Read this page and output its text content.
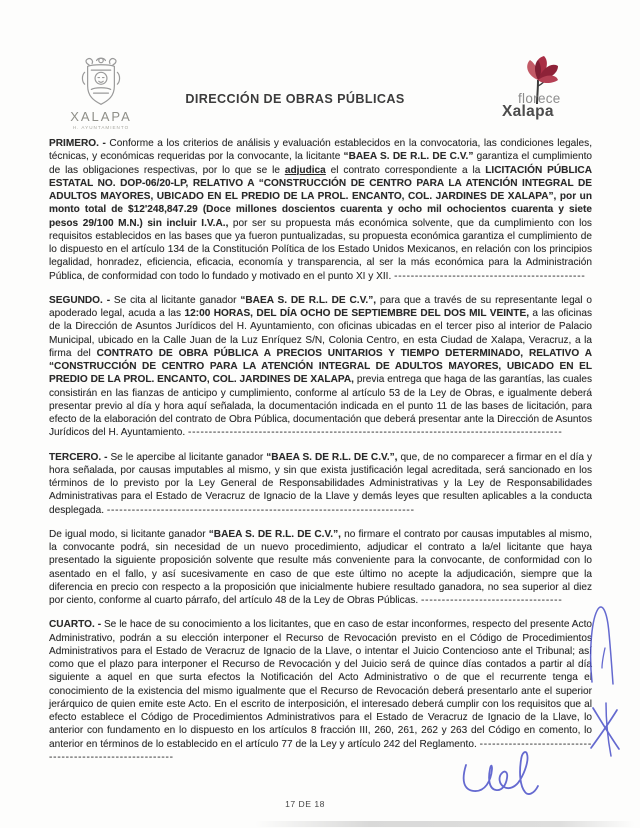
XALAPA
H. AYUNTAMIENTO
DIRECCIÓN DE OBRAS PÚBLICAS	florece
Xalapa

PRIMERO. - Conforme a los criterios de análisis y evaluación establecidos en la convocatoria, las condiciones legales, técnicas, y económicas requeridas por la convocante, la licitante “BAEA S. DE R.L. DE C.V.” garantiza el cumplimiento de las obligaciones respectivas, por lo que se le adjudica el contrato correspondiente a la LICITACIÓN PÚBLICA ESTATAL NO. DOP-06/20-LP, RELATIVO A “CONSTRUCCIÓN DE CENTRO PARA LA ATENCIÓN INTEGRAL DE ADULTOS MAYORES, UBICADO EN EL PREDIO DE LA PROL. ENCANTO, COL. JARDINES DE XALAPA”, por un monto total de $12'248,847.29 (Doce millones doscientos cuarenta y ocho mil ochocientos cuarenta y siete pesos 29/100 M.N.) sin incluir I.V.A., por ser su propuesta más económica solvente, que da cumplimiento con los requisitos establecidos en las bases que ya fueron puntualizadas, su propuesta económica garantiza el cumplimiento de lo dispuesto en el artículo 134 de la Constitución Política de los Estado Unidos Mexicanos, en relación con los principios legalidad, honradez, eficiencia, eficacia, economía y transparencia, al ser la más económica para la Administración Pública, de conformidad con todo lo fundado y motivado en el punto XI y XII. ----------------------------------------------

SEGUNDO. - Se cita al licitante ganador “BAEA S. DE R.L. DE C.V.”, para que a través de su representante legal o apoderado legal, acuda a las 12:00 HORAS, DEL DÍA OCHO DE SEPTIEMBRE DEL DOS MIL VEINTE, a las oficinas de la Dirección de Asuntos Jurídicos del H. Ayuntamiento, con oficinas ubicadas en el tercer piso al interior de Palacio Municipal, ubicado en la Calle Juan de la Luz Enríquez S/N, Colonia Centro, en esta Ciudad de Xalapa, Veracruz, a la firma del CONTRATO DE OBRA PÚBLICA A PRECIOS UNITARIOS Y TIEMPO DETERMINADO, RELATIVO A “CONSTRUCCIÓN DE CENTRO PARA LA ATENCIÓN INTEGRAL DE ADULTOS MAYORES, UBICADO EN EL PREDIO DE LA PROL. ENCANTO, COL. JARDINES DE XALAPA, previa entrega que haga de las garantías, las cuales consistirán en las fianzas de anticipo y cumplimiento, conforme al artículo 53 de la Ley de Obras, e igualmente deberá presentar previo al día y hora aquí señalada, la documentación indicada en el punto 11 de las bases de licitación, para efecto de la elaboración del contrato de Obra Pública, documentación que deberá presentar ante la Dirección de Asuntos Jurídicos del H. Ayuntamiento. ------------------------------------------------------------------------------------------

TERCERO. - Se le apercibe al licitante ganador “BAEA S. DE R.L. DE C.V.”, que, de no comparecer a firmar en el día y hora señalada, por causas imputables al mismo, y sin que exista justificación legal acreditada, será sancionado en los términos de lo previsto por la Ley General de Responsabilidades Administrativas y la Ley de Responsabilidades Administrativas para el Estado de Veracruz de Ignacio de la Llave y demás leyes que resulten aplicables a la conducta desplegada. --------------------------------------------------------------------------

De igual modo, si licitante ganador “BAEA S. DE R.L. DE C.V.”, no firmare el contrato por causas imputables al mismo, la convocante podrá, sin necesidad de un nuevo procedimiento, adjudicar el contrato a la/el licitante que haya presentado la siguiente proposición solvente que resulte más conveniente para la convocante, de conformidad con lo asentado en el fallo, y así sucesivamente en caso de que este último no acepte la adjudicación, siempre que la diferencia en precio con respecto a la proposición que inicialmente hubiere resultado ganadora, no sea superior al diez por ciento, conforme al cuarto párrafo, del artículo 48 de la Ley de Obras Públicas. ----------------------------------

CUARTO. - Se le hace de su conocimiento a los licitantes, que en caso de estar inconformes, respecto del presente Acto Administrativo, podrán a su elección interponer el Recurso de Revocación previsto en el Código de Procedimientos Administrativos para el Estado de Veracruz de Ignacio de la Llave, o intentar el Juicio Contencioso ante el Tribunal; así como que el plazo para interponer el Recurso de Revocación y del Juicio será de quince días contados a partir al día siguiente a aquel en que surta efectos la Notificación del Acto Administrativo o de que el recurrente tenga el conocimiento de la existencia del mismo igualmente que el Recurso de Revocación deberá presentarlo ante el superior jerárquico de quien emite este Acto. En el escrito de interposición, el interesado deberá cumplir con los requisitos que al efecto establece el Código de Procedimientos Administrativos para el Estado de Veracruz de Ignacio de la Llave, lo anterior con fundamento en lo dispuesto en los artículos 8 fracción III, 260, 261, 262 y 263 del Código en comento, lo anterior en términos de lo establecido en el artículo 77 de la Ley y artículo 242 del Reglamento. ---------------------------------------------------------

17 DE 18
